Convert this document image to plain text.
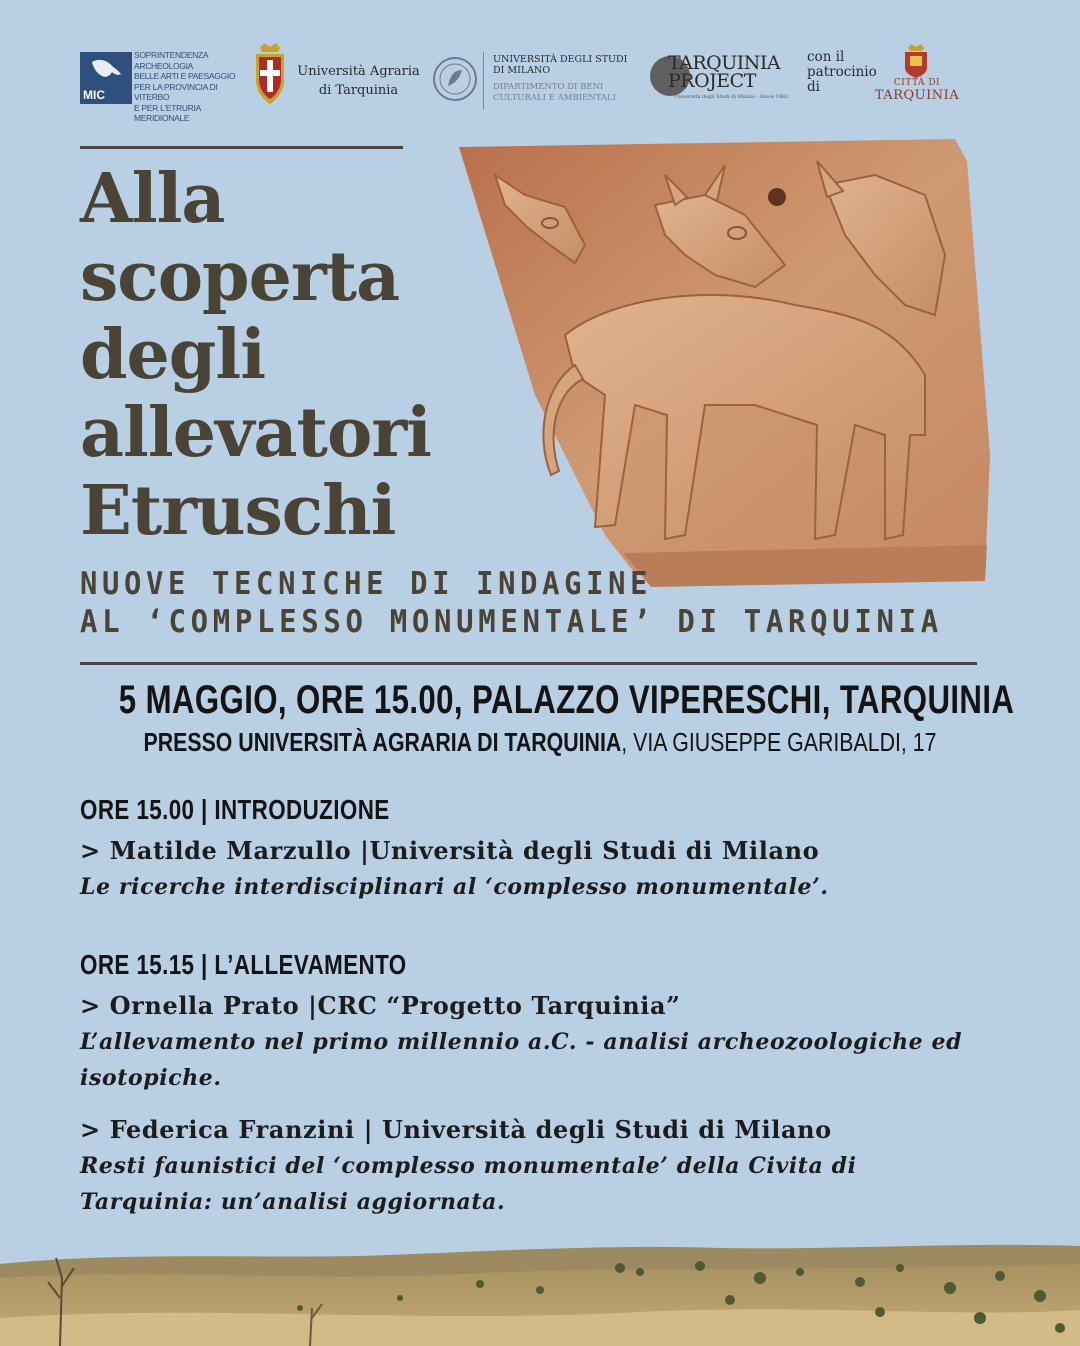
MIC
SOPRINTENDENZA ARCHEOLOGIA
BELLE ARTI E PAESAGGIO
PER LA PROVINCIA DI VITERBO
E PER L'ETRURIA MERIDIONALE
Università Agraria
di Tarquinia
UNIVERSITÀ DEGLI STUDI
DI MILANO
DIPARTIMENTO DI BENI
CULTURALI E AMBIENTALI
TARQUINIA
PROJECT
Università degli Studi di Milano · Since 1982
con il
patrocinio
di	CITTÀ DI
TARQUINIA
Alla
scoperta
degli
allevatori
Etruschi
NUOVE TECNICHE DI INDAGINE
AL ‘COMPLESSO MONUMENTALE’ DI TARQUINIA
5 MAGGIO, ORE 15.00, PALAZZO VIPERESCHI, TARQUINIA
PRESSO UNIVERSITÀ AGRARIA DI TARQUINIA, VIA GIUSEPPE GARIBALDI, 17
ORE 15.00 | INTRODUZIONE
> Matilde Marzullo |Università degli Studi di Milano
Le ricerche interdisciplinari al ‘complesso monumentale’.
ORE 15.15 | L’ALLEVAMENTO
> Ornella Prato |CRC “Progetto Tarquinia”
L’allevamento nel primo millennio a.C. - analisi archeozoologiche ed isotopiche.
> Federica Franzini | Università degli Studi di Milano
Resti faunistici del ‘complesso monumentale’ della Civita di Tarquinia: un’analisi aggiornata.
